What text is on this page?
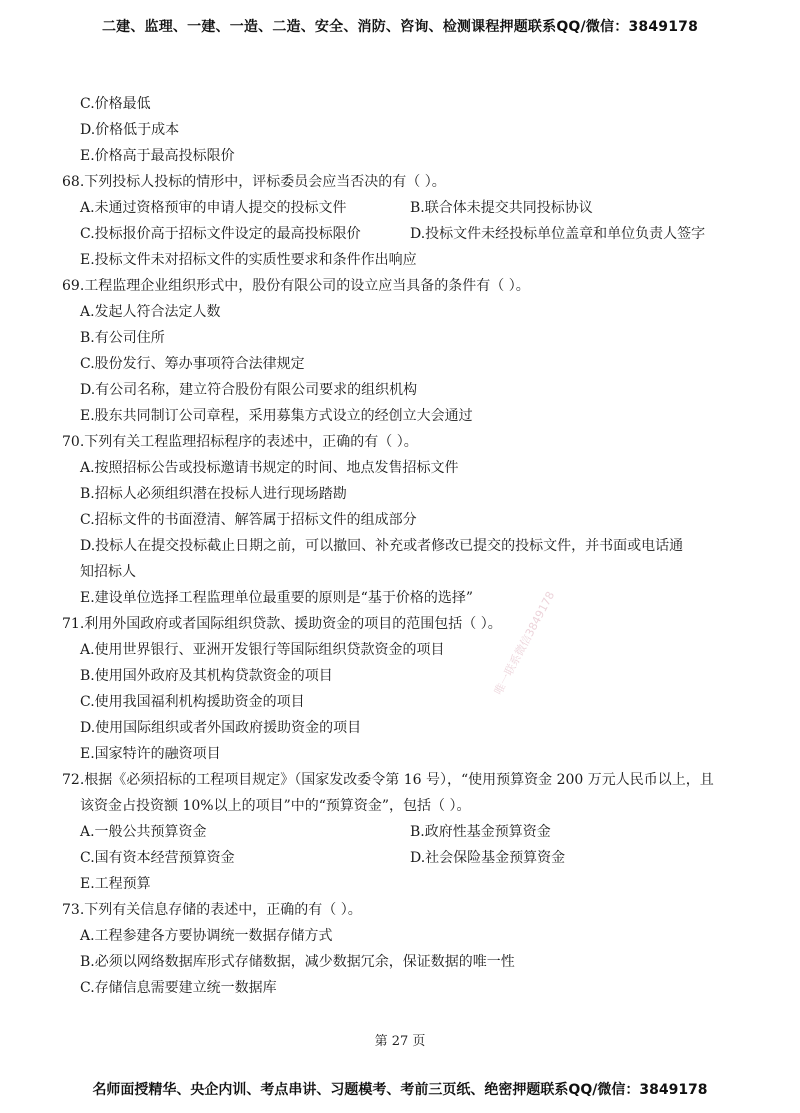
二建、监理、一建、一造、二造、安全、消防、咨询、检测课程押题联系QQ/微信：3849178
C.价格最低
D.价格低于成本
E.价格高于最高投标限价
68.下列投标人投标的情形中，评标委员会应当否决的有（ ）。
A.未通过资格预审的申请人提交的投标文件	B.联合体未提交共同投标协议
C.投标报价高于招标文件设定的最高投标限价	D.投标文件未经投标单位盖章和单位负责人签字
E.投标文件未对招标文件的实质性要求和条件作出响应
69.工程监理企业组织形式中，股份有限公司的设立应当具备的条件有（ ）。
A.发起人符合法定人数
B.有公司住所
C.股份发行、筹办事项符合法律规定
D.有公司名称，建立符合股份有限公司要求的组织机构
E.股东共同制订公司章程，采用募集方式设立的经创立大会通过
70.下列有关工程监理招标程序的表述中，正确的有（ ）。
A.按照招标公告或投标邀请书规定的时间、地点发售招标文件
B.招标人必须组织潜在投标人进行现场踏勘
C.招标文件的书面澄清、解答属于招标文件的组成部分
D.投标人在提交投标截止日期之前，可以撤回、补充或者修改已提交的投标文件，并书面或电话通
知招标人
E.建设单位选择工程监理单位最重要的原则是“基于价格的选择”
71.利用外国政府或者国际组织贷款、援助资金的项目的范围包括（ ）。
A.使用世界银行、亚洲开发银行等国际组织贷款资金的项目
B.使用国外政府及其机构贷款资金的项目
C.使用我国福利机构援助资金的项目
D.使用国际组织或者外国政府援助资金的项目
E.国家特许的融资项目
72.根据《必须招标的工程项目规定》（国家发改委令第 16 号），“使用预算资金 200 万元人民币以上，且
该资金占投资额 10%以上的项目”中的“预算资金”，包括（ ）。
A.一般公共预算资金	B.政府性基金预算资金
C.国有资本经营预算资金	D.社会保险基金预算资金
E.工程预算
73.下列有关信息存储的表述中，正确的有（ ）。
A.工程参建各方要协调统一数据存储方式
B.必须以网络数据库形式存储数据，减少数据冗余，保证数据的唯一性
C.存储信息需要建立统一数据库
唯一联系微信3849178
第 27 页
名师面授精华、央企内训、考点串讲、习题模考、考前三页纸、绝密押题联系QQ/微信：3849178
